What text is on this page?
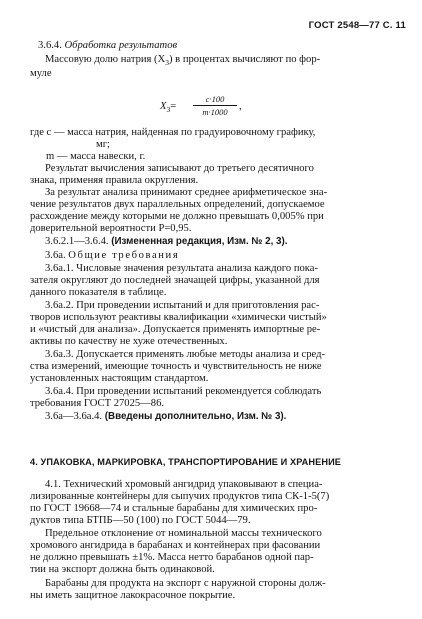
ГОСТ 2548—77 С. 11
3.6.4. Обработка результатов
Массовую долю натрия $(X_3)$ в процентах вычисляют по фор-
муле
$X_3=$
c·100
m·1000	,
где c — масса натрия, найденная по градуировочному графику,
мг;
m — масса навески, г.
Результат вычисления записывают до третьего десятичного
знака, применяя правила округления.
За результат анализа принимают среднее арифметическое зна-
чение результатов двух параллельных определений, допускаемое
расхождение между которыми не должно превышать 0,005% при
доверительной вероятности P=0,95.
3.6.2.1—3.6.4. (Измененная редакция, Изм. № 2, 3).
3.6а. Общие требования
3.6а.1. Числовые значения результата анализа каждого пока-
зателя округляют до последней значащей цифры, указанной для
данного показателя в таблице.
3.6а.2. При проведении испытаний и для приготовления рас-
творов используют реактивы квалификации «химически чистый»
и «чистый для анализа». Допускается применять импортные ре-
активы по качеству не хуже отечественных.
3.6а.3. Допускается применять любые методы анализа и сред-
ства измерений, имеющие точность и чувствительность не ниже
установленных настоящим стандартом.
3.6а.4. При проведении испытаний рекомендуется соблюдать
требования ГОСТ 27025—86.
3.6а—3.6а.4. (Введены дополнительно, Изм. № 3).
4. УПАКОВКА, МАРКИРОВКА, ТРАНСПОРТИРОВАНИЕ И ХРАНЕНИЕ
4.1. Технический хромовый ангидрид упаковывают в специа-
лизированные контейнеры для сыпучих продуктов типа СК-1-5(7)
по ГОСТ 19668—74 и стальные барабаны для химических про-
дуктов типа БТПБ—50 (100) по ГОСТ 5044—79.
Предельное отклонение от номинальной массы технического
хромового ангидрида в барабанах и контейнерах при фасовании
не должно превышать ±1%. Масса нетто барабанов одной пар-
тии на экспорт должна быть одинаковой.
Барабаны для продукта на экспорт с наружной стороны долж-
ны иметь защитное лакокрасочное покрытие.
